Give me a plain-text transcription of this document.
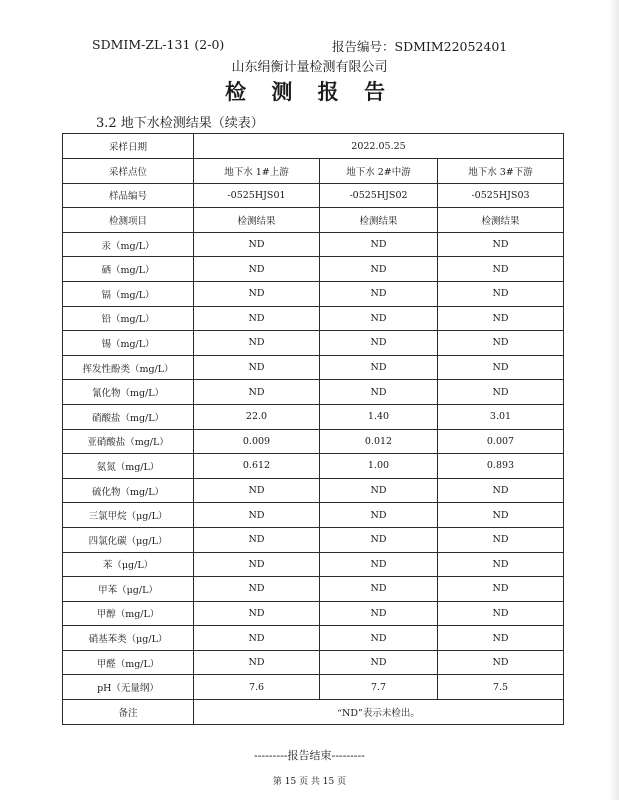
SDMIM-ZL-131 (2-0)	报告编号：SDMIM22052401
山东绢衡计量检测有限公司
检 测 报 告
3.2 地下水检测结果（续表）
采样日期	2022.05.25		
采样点位	地下水 1#上游	地下水 2#中游	地下水 3#下游
样品编号	-0525HJS01	-0525HJS02	-0525HJS03
检测项目	检测结果	检测结果	检测结果
汞（mg/L）	ND	ND	ND
硒（mg/L）	ND	ND	ND
镉（mg/L）	ND	ND	ND
铅（mg/L）	ND	ND	ND
锡（mg/L）	ND	ND	ND
挥发性酚类（mg/L）	ND	ND	ND
氰化物（mg/L）	ND	ND	ND
硝酸盐（mg/L）	22.0	1.40	3.01
亚硝酸盐（mg/L）	0.009	0.012	0.007
氨氮（mg/L）	0.612	1.00	0.893
硫化物（mg/L）	ND	ND	ND
三氯甲烷（μg/L）	ND	ND	ND
四氯化碳（μg/L）	ND	ND	ND
苯（μg/L）	ND	ND	ND
甲苯（μg/L）	ND	ND	ND
甲醇（mg/L）	ND	ND	ND
硝基苯类（μg/L）	ND	ND	ND
甲醛（mg/L）	ND	ND	ND
pH（无量纲）	7.6	7.7	7.5
备注	“ND”表示未检出。		
---------报告结束---------
第 15 页 共 15 页
